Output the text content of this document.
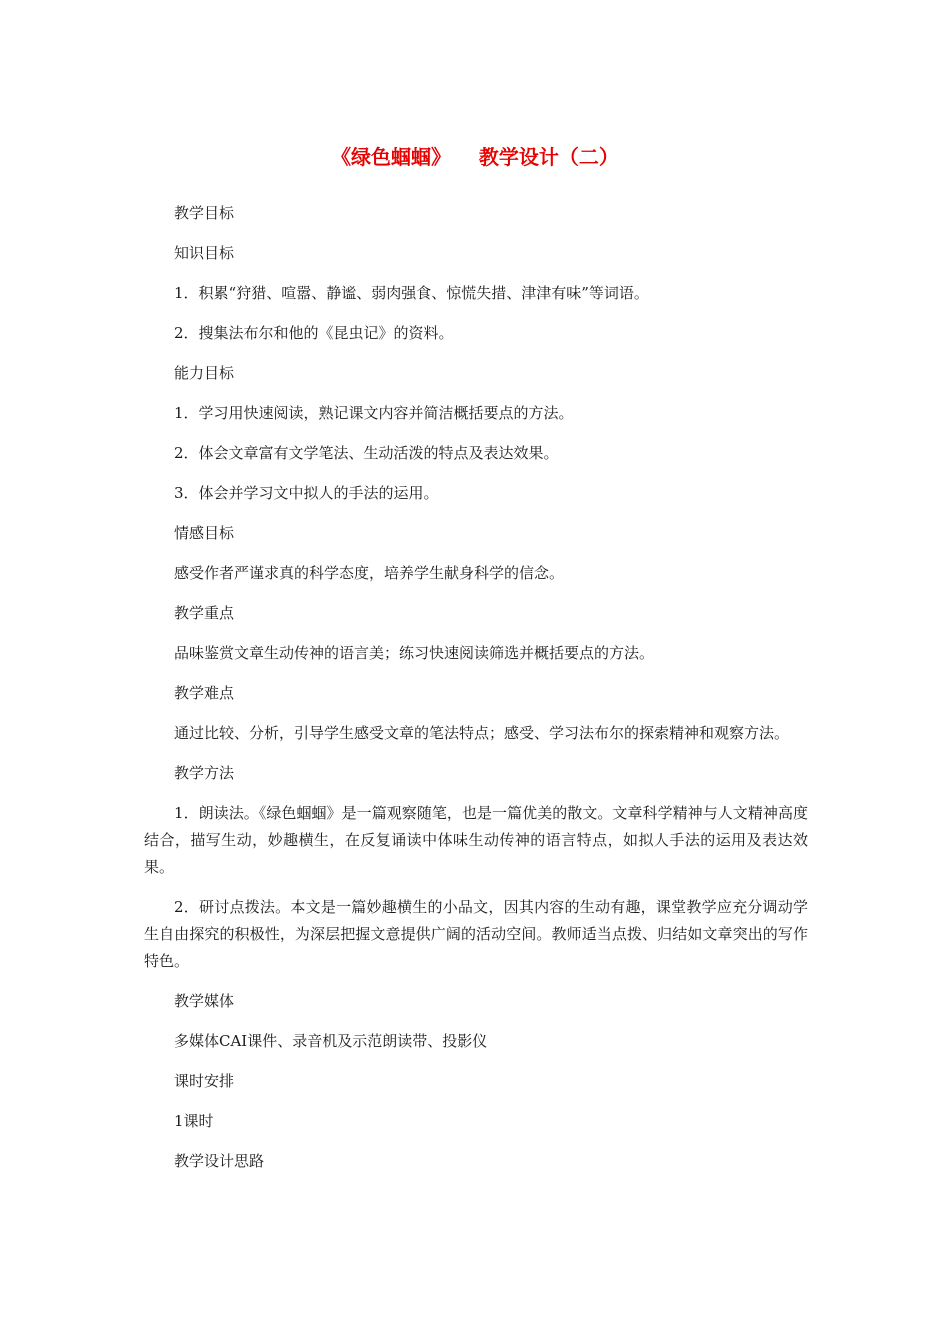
《绿色蝈蝈》    教学设计（二）

教学目标

知识目标

1．积累“狩猎、喧嚣、静谧、弱肉强食、惊慌失措、津津有味”等词语。

2．搜集法布尔和他的《昆虫记》的资料。

能力目标

1．学习用快速阅读，熟记课文内容并简洁概括要点的方法。

2．体会文章富有文学笔法、生动活泼的特点及表达效果。

3．体会并学习文中拟人的手法的运用。

情感目标

感受作者严谨求真的科学态度，培养学生献身科学的信念。

教学重点

品味鉴赏文章生动传神的语言美；练习快速阅读筛选并概括要点的方法。

教学难点

通过比较、分析，引导学生感受文章的笔法特点；感受、学习法布尔的探索精神和观察方法。

教学方法

1．朗读法。《绿色蝈蝈》是一篇观察随笔，也是一篇优美的散文。文章科学精神与人文精神高度结合，描写生动，妙趣横生，在反复诵读中体味生动传神的语言特点，如拟人手法的运用及表达效果。

2．研讨点拨法。本文是一篇妙趣横生的小品文，因其内容的生动有趣，课堂教学应充分调动学生自由探究的积极性，为深层把握文意提供广阔的活动空间。教师适当点拨、归结如文章突出的写作特色。

教学媒体

多媒体CAI课件、录音机及示范朗读带、投影仪

课时安排

1课时

教学设计思路
